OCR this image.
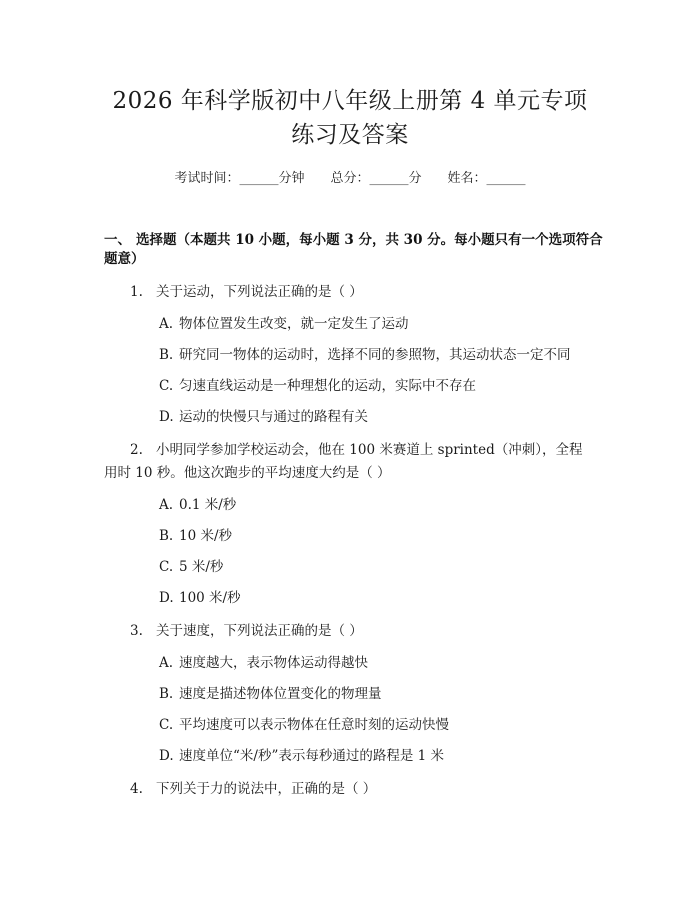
2026 年科学版初中八年级上册第 4 单元专项
练习及答案
考试时间：______分钟 总分：______分 姓名：______
一、 选择题（本题共 10 小题，每小题 3 分，共 30 分。每小题只有一个选项符合
题意）
1. 关于运动，下列说法正确的是（ ）
A. 物体位置发生改变，就一定发生了运动
B. 研究同一物体的运动时，选择不同的参照物，其运动状态一定不同
C. 匀速直线运动是一种理想化的运动，实际中不存在
D. 运动的快慢只与通过的路程有关
2. 小明同学参加学校运动会，他在 100 米赛道上 sprinted（冲刺），全程
用时 10 秒。他这次跑步的平均速度大约是（ ）
A. 0.1 米/秒
B. 10 米/秒
C. 5 米/秒
D. 100 米/秒
3. 关于速度，下列说法正确的是（ ）
A. 速度越大，表示物体运动得越快
B. 速度是描述物体位置变化的物理量
C. 平均速度可以表示物体在任意时刻的运动快慢
D. 速度单位“米/秒”表示每秒通过的路程是 1 米
4. 下列关于力的说法中，正确的是（ ）
